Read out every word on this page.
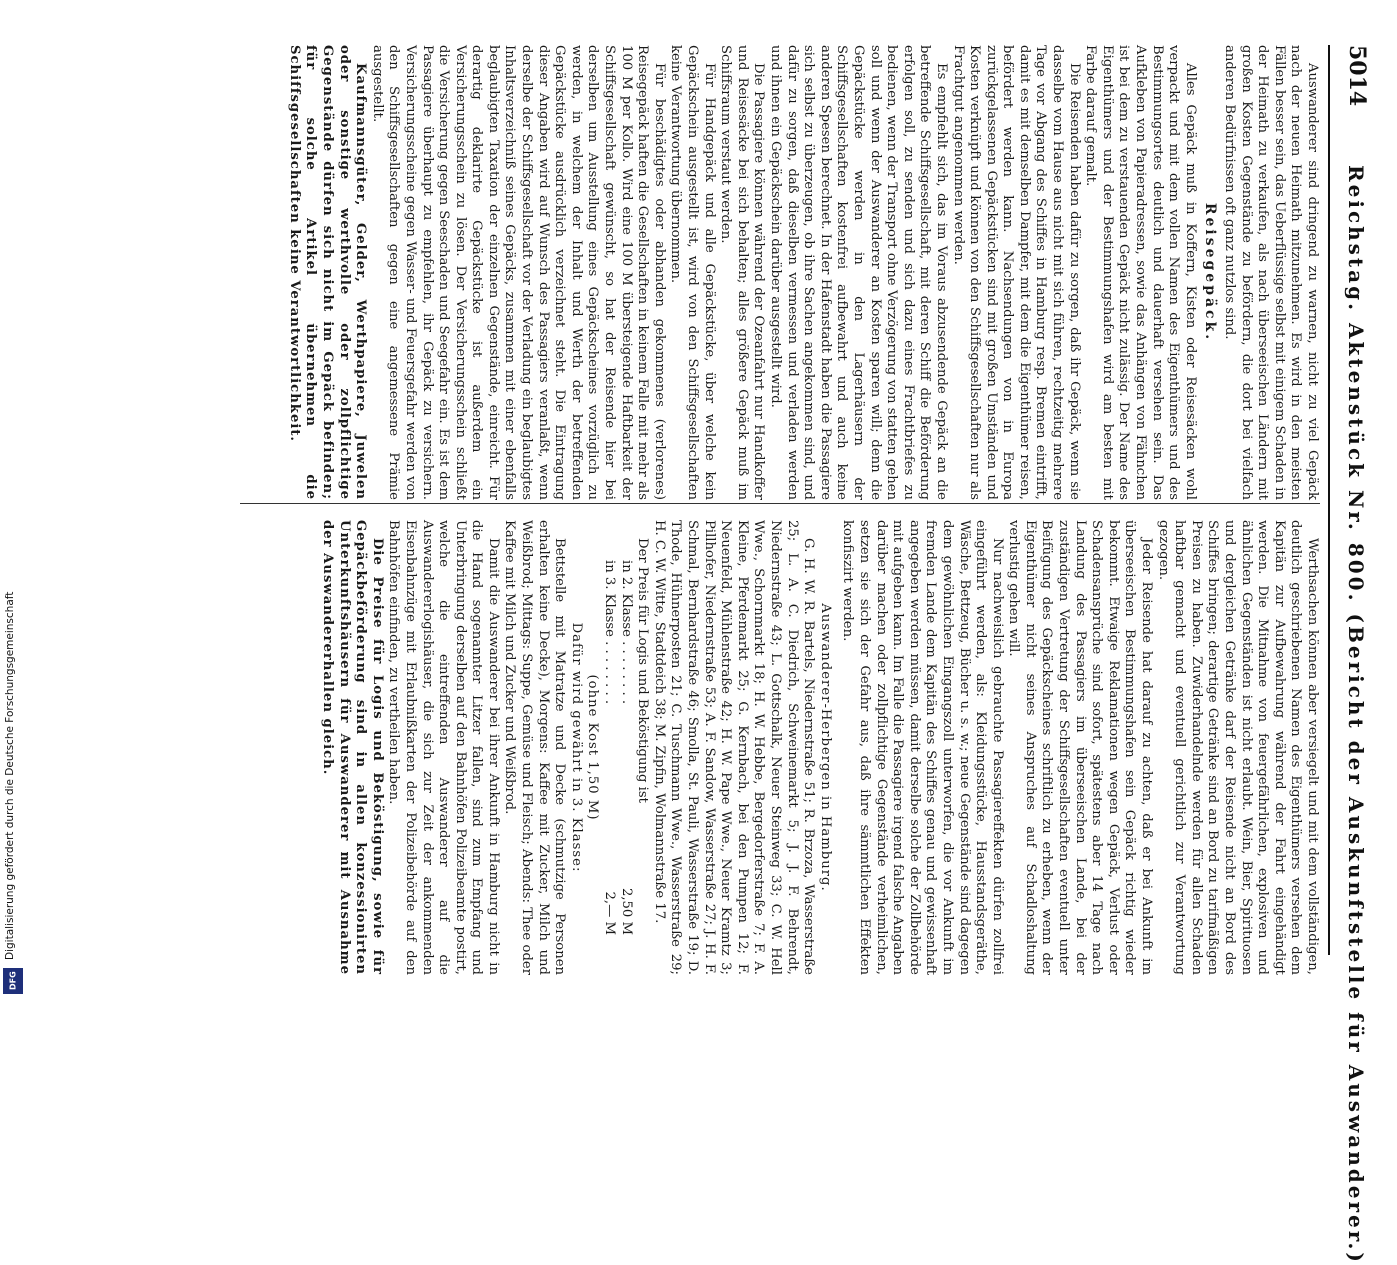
Digitalisierung gefördert durch die Deutsche Forschungsgemeinschaft
DFG
5014
Reichstag. Aktenstück Nr. 800. (Bericht der Auskunftstelle für Auswanderer.)

Auswanderer sind dringend zu warnen, nicht zu viel Gepäck nach der neuen Heimath mitzunehmen. Es wird in den meisten Fällen besser sein, das Ueberflüssige selbst mit einigem Schaden in der Heimath zu verkaufen, als nach überseeischen Ländern mit großen Kosten Gegenstände zu befördern, die dort bei vielfach anderen Bedürfnissen oft ganz nutzlos sind.

Reisegepäck.

Alles Gepäck muß in Koffern, Kisten oder Reisesäcken wohl verpackt und mit dem vollen Namen des Eigenthümers und des Bestimmungsortes deutlich und dauerhaft versehen sein. Das Aufkleben von Papieradressen, sowie das Anhängen von Fähnchen ist bei dem zu verstauenden Gepäck nicht zulässig. Der Name des Eigenthümers und der Bestimmungshafen wird am besten mit Farbe darauf gemalt.

Die Reisenden haben dafür zu sorgen, daß ihr Gepäck, wenn sie dasselbe vom Hause aus nicht mit sich führen, rechtzeitig mehrere Tage vor Abgang des Schiffes in Hamburg resp. Bremen eintrifft, damit es mit demselben Dampfer, mit dem die Eigenthümer reisen, befördert werden kann. Nachsendungen von in Europa zurückgelassenen Gepäckstücken sind mit großen Umständen und Kosten verknüpft und können von den Schiffsgesellschaften nur als Frachtgut angenommen werden.

Es empfiehlt sich, das im Voraus abzusendende Gepäck an die betreffende Schiffsgesellschaft, mit deren Schiff die Beförderung erfolgen soll, zu senden und sich dazu eines Frachtbriefes zu bedienen, wenn der Transport ohne Verzögerung von statten gehen soll und wenn der Auswanderer an Kosten sparen will; denn die Gepäckstücke werden in den Lagerhäusern der Schiffsgesellschaften kostenfrei aufbewahrt und auch keine anderen Spesen berechnet. In der Hafenstadt haben die Passagiere sich selbst zu überzeugen, ob ihre Sachen angekommen sind, und dafür zu sorgen, daß dieselben vermessen und verladen werden und ihnen ein Gepäckschein darüber ausgestellt wird.

Die Passagiere können während der Ozeanfahrt nur Handkoffer und Reisesäcke bei sich behalten; alles größere Gepäck muß im Schiffsraum verstaut werden.

Für Handgepäck und alle Gepäckstücke, über welche kein Gepäckschein ausgestellt ist, wird von den Schiffsgesellschaften keine Verantwortung übernommen.

Für beschädigtes oder abhanden gekommenes (verlorenes) Reisegepäck haften die Gesellschaften in keinem Falle mit mehr als 100 M per Kollo. Wird eine 100 M übersteigende Haftbarkeit der Schiffsgesellschaft gewünscht, so hat der Reisende hier bei derselben um Ausstellung eines Gepäckscheines vorzüglich zu werden, in welchem der Inhalt und Werth der betreffenden Gepäckstücke ausdrücklich verzeichnet steht. Die Eintragung dieser Angaben wird auf Wunsch des Passagiers veranlaßt, wenn derselbe der Schiffsgesellschaft vor der Verladung ein beglaubigtes Inhaltsverzeichniß seines Gepäcks, zusammen mit einer ebenfalls beglaubigten Taxation der einzelnen Gegenstände, einreicht. Für derartig deklarirte Gepäckstücke ist außerdem ein Versicherungsschein zu lösen. Der Versicherungsschein schließt die Versicherung gegen Seeschaden und Seegefahr ein. Es ist dem Passagiere überhaupt zu empfehlen, ihr Gepäck zu versichern. Versicherungsscheine gegen Wasser- und Feuersgefahr werden von den Schiffsgesellschaften gegen eine angemessene Prämie ausgestellt.

Kaufmannsgüter, Gelder, Werthpapiere, Juwelen oder sonstige werthvolle oder zollpflichtige Gegenstände dürfen sich nicht im Gepäck befinden; für solche Artikel übernehmen die Schiffsgesellschaften keine Verantwortlichkeit.

Werthsachen können aber versiegelt und mit dem vollständigen, deutlich geschriebenen Namen des Eigenthümers versehen dem Kapitän zur Aufbewahrung während der Fahrt eingehändigt werden. Die Mitnahme von feuergefährlichen, explosiven und ähnlichen Gegenständen ist nicht erlaubt. Wein, Bier, Spirituosen und dergleichen Getränke darf der Reisende nicht an Bord des Schiffes bringen; derartige Getränke sind an Bord zu tarifmäßigen Preisen zu haben. Zuwiderhandelnde werden für allen Schaden haftbar gemacht und eventuell gerichtlich zur Verantwortung gezogen.

Jeder Reisende hat darauf zu achten, daß er bei Ankunft im überseeischen Bestimmungshafen sein Gepäck richtig wieder bekommt. Etwaige Reklamationen wegen Gepäck, Verlust oder Schadensansprüche sind sofort, spätestens aber 14 Tage nach Landung des Passagiers im überseeischen Lande, bei der zuständigen Vertretung der Schiffsgesellschaften eventuell unter Beifügung des Gepäckscheines schriftlich zu erheben, wenn der Eigenthümer nicht seines Anspruches auf Schadloshaltung verlustig gehen will.

Nur nachweislich gebrauchte Passagiereffekten dürfen zollfrei eingeführt werden, als: Kleidungsstücke, Hausstandsgeräthe, Wäsche, Bettzeug, Bücher u. s. w.; neue Gegenstände sind dagegen dem gewöhnlichen Eingangszoll unterworfen, die vor Ankunft im fremden Lande dem Kapitän des Schiffes genau und gewissenhaft angegeben werden müssen, damit derselbe solche der Zollbehörde mit aufgeben kann. Im Falle die Passagiere irgend falsche Angaben darüber machen oder zollpflichtige Gegenstände verheimlichen, setzen sie sich der Gefahr aus, daß ihre sämmtlichen Effekten konfiszirt werden.

Auswanderer-Herbergen in Hamburg.

G. H. W. R. Bartels, Niedernstraße 51; R. Brzoza, Wasserstraße 25; L. A. C. Diedrich, Schweinemarkt 5; J. J. F. Behrendt, Niedernstraße 43; L. Gottschalk, Neuer Steinweg 33; C. W. Hell Wwe., Schornmarkt 18; H. W. Hebbe, Bergedorferstraße 7; F. A. Kleine, Pferdemarkt 25; G. Kernbach, bei den Pumpen 12; F. Neuenfeld, Mühlenstraße 42; H. W. Pape Wwe., Neuer Kramtz 3; Pillhofer, Niedernstraße 53; A. F. Sandow, Wasserstraße 27; J. H. F. Schmal, Bernhardstraße 46; Smolla, St. Pauli, Wasserstraße 19; D. Thode, Hühnerposten 21; C. Tuschmann Wwe., Wasserstraße 29; H. C. W. Witte, Stadtdeich 38; M. Zipfin, Wolmannstraße 17.

Der Preis für Logis und Beköstigung ist

in 2. Klasse . . . . . . . .
2,50 M
in 3. Klasse . . . . . . . .
2,— M

(ohne Kost 1,50 M)

Dafür wird gewährt in 3. Klasse:

Bettstelle mit Matratze und Decke (schmutzige Personen erhalten keine Decke), Morgens: Kaffee mit Zucker, Milch und Weißbrod; Mittags: Suppe, Gemüse und Fleisch; Abends: Thee oder Kaffee mit Milch und Zucker und Weißbrod.

Damit die Auswanderer bei ihrer Ankunft in Hamburg nicht in die Hand sogenannter Litzer fallen, sind zum Empfang und Unterbringung derselben auf den Bahnhöfen Polizeibeamte postirt, welche die eintreffenden Auswanderer auf die Auswandererlogishäuser, die sich zur Zeit der ankommenden Eisenbahnzüge mit Erlaubnißkarten der Polizeibehörde auf den Bahnhöfen einfinden, zu vertheilen haben.

Die Preise für Logis und Beköstigung, sowie für Gepäckbeförderung sind in allen konzessionirten Unterkunftshäusern für Auswanderer mit Ausnahme der Auswandererhallen gleich.
